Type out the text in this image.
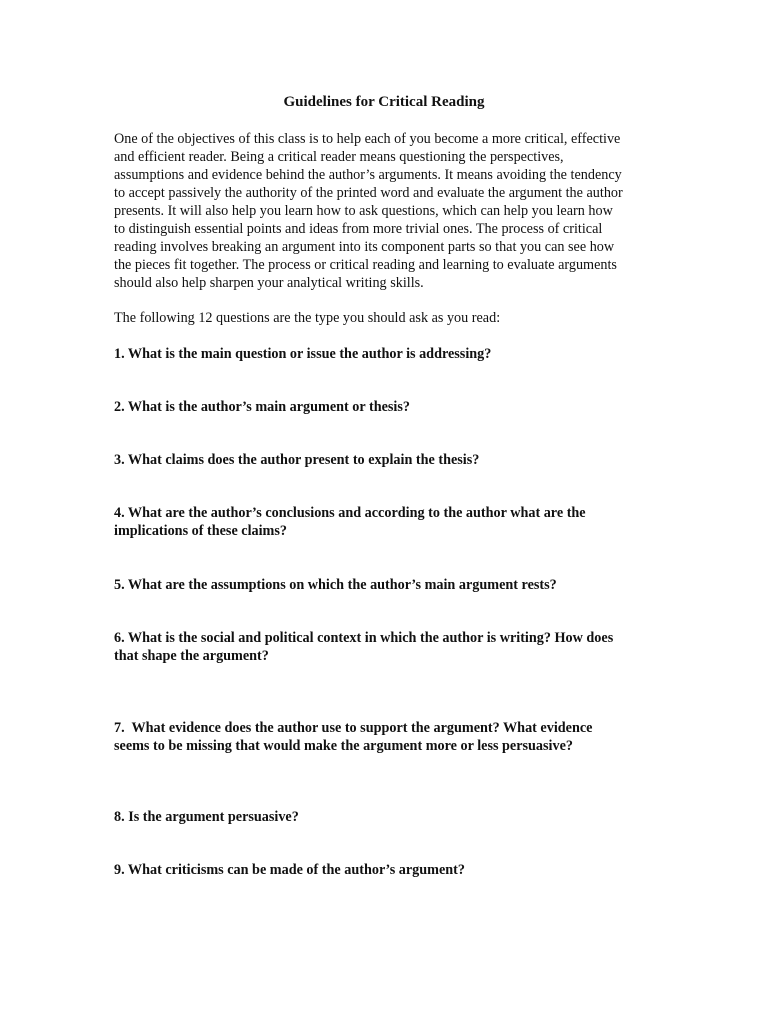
Guidelines for Critical Reading
One of the objectives of this class is to help each of you become a more critical, effective
and efficient reader. Being a critical reader means questioning the perspectives,
assumptions and evidence behind the author’s arguments. It means avoiding the tendency
to accept passively the authority of the printed word and evaluate the argument the author
presents. It will also help you learn how to ask questions, which can help you learn how
to distinguish essential points and ideas from more trivial ones. The process of critical
reading involves breaking an argument into its component parts so that you can see how
the pieces fit together. The process or critical reading and learning to evaluate arguments
should also help sharpen your analytical writing skills.
The following 12 questions are the type you should ask as you read:
1. What is the main question or issue the author is addressing?
2. What is the author’s main argument or thesis?
3. What claims does the author present to explain the thesis?
4. What are the author’s conclusions and according to the author what are the
implications of these claims?
5. What are the assumptions on which the author’s main argument rests?
6. What is the social and political context in which the author is writing? How does
that shape the argument?
7.  What evidence does the author use to support the argument? What evidence
seems to be missing that would make the argument more or less persuasive?
8. Is the argument persuasive?
9. What criticisms can be made of the author’s argument?
